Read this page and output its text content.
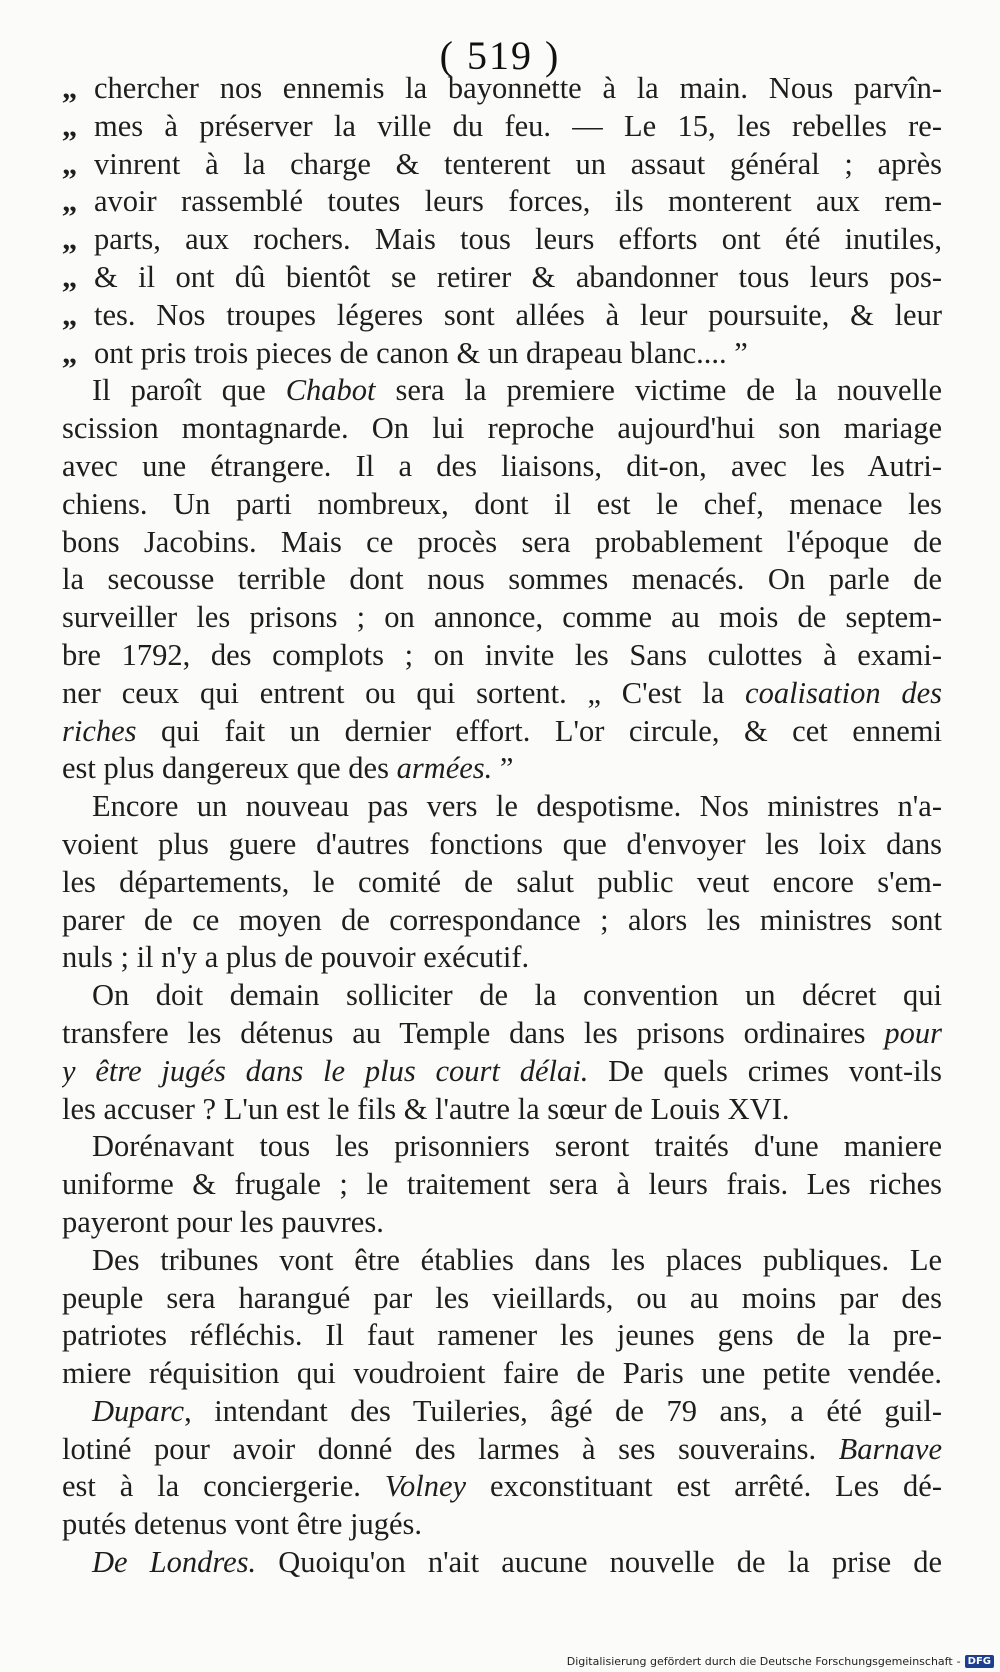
( 519 )
„ chercher nos ennemis la bayonnette à la main. Nous parvîn-
„ mes à préserver la ville du feu. — Le 15, les rebelles re-
„ vinrent à la charge & tenterent un assaut général ; après
„ avoir rassemblé toutes leurs forces, ils monterent aux rem-
„ parts, aux rochers. Mais tous leurs efforts ont été inutiles,
„ & il ont dû bientôt se retirer & abandonner tous leurs pos-
„ tes. Nos troupes légeres sont allées à leur poursuite, & leur
„ ont pris trois pieces de canon & un drapeau blanc.... ”
Il paroît que Chabot sera la premiere victime de la nouvelle
scission montagnarde. On lui reproche aujourd'hui son mariage
avec une étrangere. Il a des liaisons, dit-on, avec les Autri-
chiens. Un parti nombreux, dont il est le chef, menace les
bons Jacobins. Mais ce procès sera probablement l'époque de
la secousse terrible dont nous sommes menacés. On parle de
surveiller les prisons ; on annonce, comme au mois de septem-
bre 1792, des complots ; on invite les Sans culottes à exami-
ner ceux qui entrent ou qui sortent. „ C'est la coalisation des
riches qui fait un dernier effort. L'or circule, & cet ennemi
est plus dangereux que des armées. ”
Encore un nouveau pas vers le despotisme. Nos ministres n'a-
voient plus guere d'autres fonctions que d'envoyer les loix dans
les départements, le comité de salut public veut encore s'em-
parer de ce moyen de correspondance ; alors les ministres sont
nuls ; il n'y a plus de pouvoir exécutif.
On doit demain solliciter de la convention un décret qui
transfere les détenus au Temple dans les prisons ordinaires pour
y être jugés dans le plus court délai. De quels crimes vont-ils
les accuser ? L'un est le fils & l'autre la sœur de Louis XVI.
Dorénavant tous les prisonniers seront traités d'une maniere
uniforme & frugale ; le traitement sera à leurs frais. Les riches
payeront pour les pauvres.
Des tribunes vont être établies dans les places publiques. Le
peuple sera harangué par les vieillards, ou au moins par des
patriotes réfléchis. Il faut ramener les jeunes gens de la pre-
miere réquisition qui voudroient faire de Paris une petite vendée.
Duparc, intendant des Tuileries, âgé de 79 ans, a été guil-
lotiné pour avoir donné des larmes à ses souverains. Barnave
est à la conciergerie. Volney exconstituant est arrêté. Les dé-
putés detenus vont être jugés.
De Londres. Quoiqu'on n'ait aucune nouvelle de la prise de
Digitalisierung gefördert durch die Deutsche Forschungsgemeinschaft - DFG
